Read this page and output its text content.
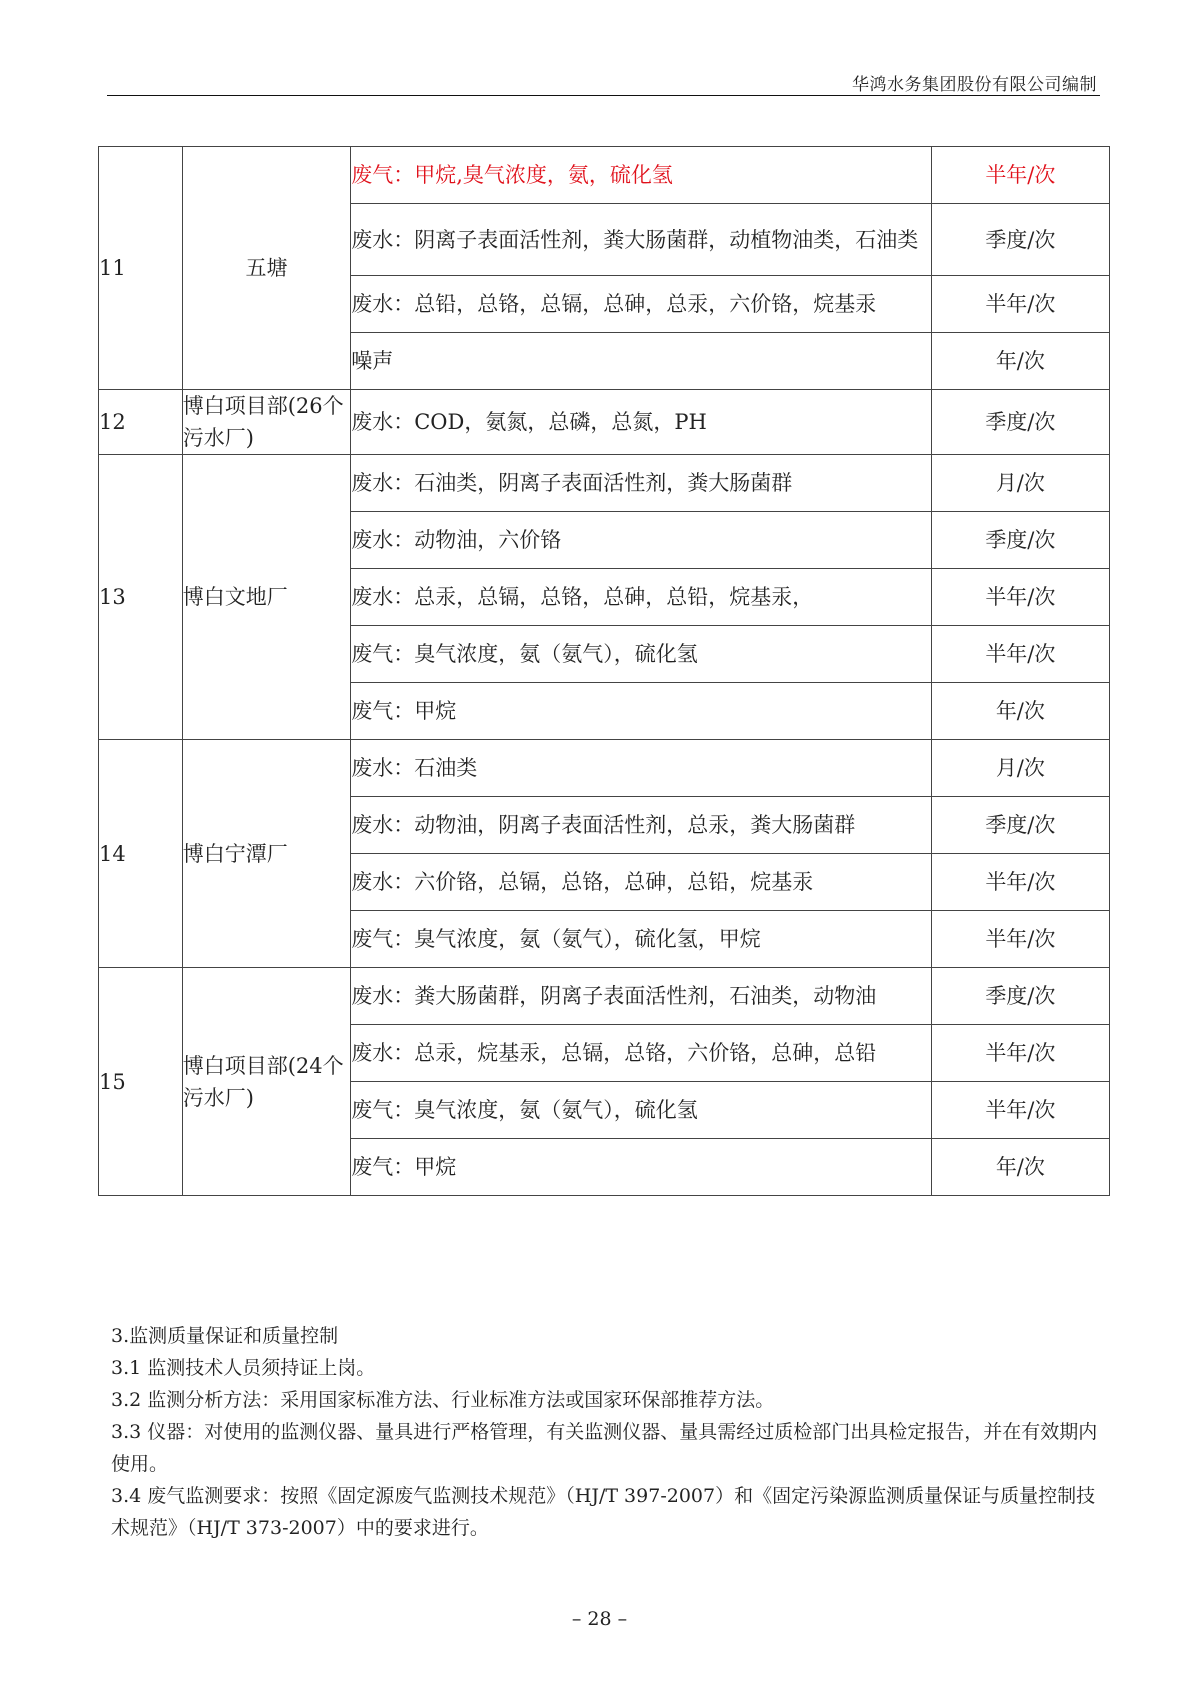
华鸿水务集团股份有限公司编制
11	五塘	废气：甲烷,臭气浓度，氨，硫化氢	半年/次
		废水：阴离子表面活性剂，粪大肠菌群，动植物油类，石油类	季度/次
		废水：总铅，总铬，总镉，总砷，总汞，六价铬，烷基汞	半年/次
		噪声	年/次
12	博白项目部(26个污水厂)	废水：COD，氨氮，总磷，总氮，PH	季度/次
13	博白文地厂	废水：石油类，阴离子表面活性剂，粪大肠菌群	月/次
		废水：动物油，六价铬	季度/次
		废水：总汞，总镉，总铬，总砷，总铅，烷基汞，	半年/次
		废气：臭气浓度，氨（氨气），硫化氢	半年/次
		废气：甲烷	年/次
14	博白宁潭厂	废水：石油类	月/次
		废水：动物油，阴离子表面活性剂，总汞，粪大肠菌群	季度/次
		废水：六价铬，总镉，总铬，总砷，总铅，烷基汞	半年/次
		废气：臭气浓度，氨（氨气），硫化氢，甲烷	半年/次
15	博白项目部(24个污水厂)	废水：粪大肠菌群，阴离子表面活性剂，石油类，动物油	季度/次
		废水：总汞，烷基汞，总镉，总铬，六价铬，总砷，总铅	半年/次
		废气：臭气浓度，氨（氨气），硫化氢	半年/次
		废气：甲烷	年/次

3.监测质量保证和质量控制

3.1 监测技术人员须持证上岗。

3.2 监测分析方法：采用国家标准方法、行业标准方法或国家环保部推荐方法。

3.3 仪器：对使用的监测仪器、量具进行严格管理，有关监测仪器、量具需经过质检部门出具检定报告，并在有效期内使用。

3.4 废气监测要求：按照《固定源废气监测技术规范》（HJ/T 397-2007）和《固定污染源监测质量保证与质量控制技术规范》（HJ/T 373-2007）中的要求进行。

– 28 –
